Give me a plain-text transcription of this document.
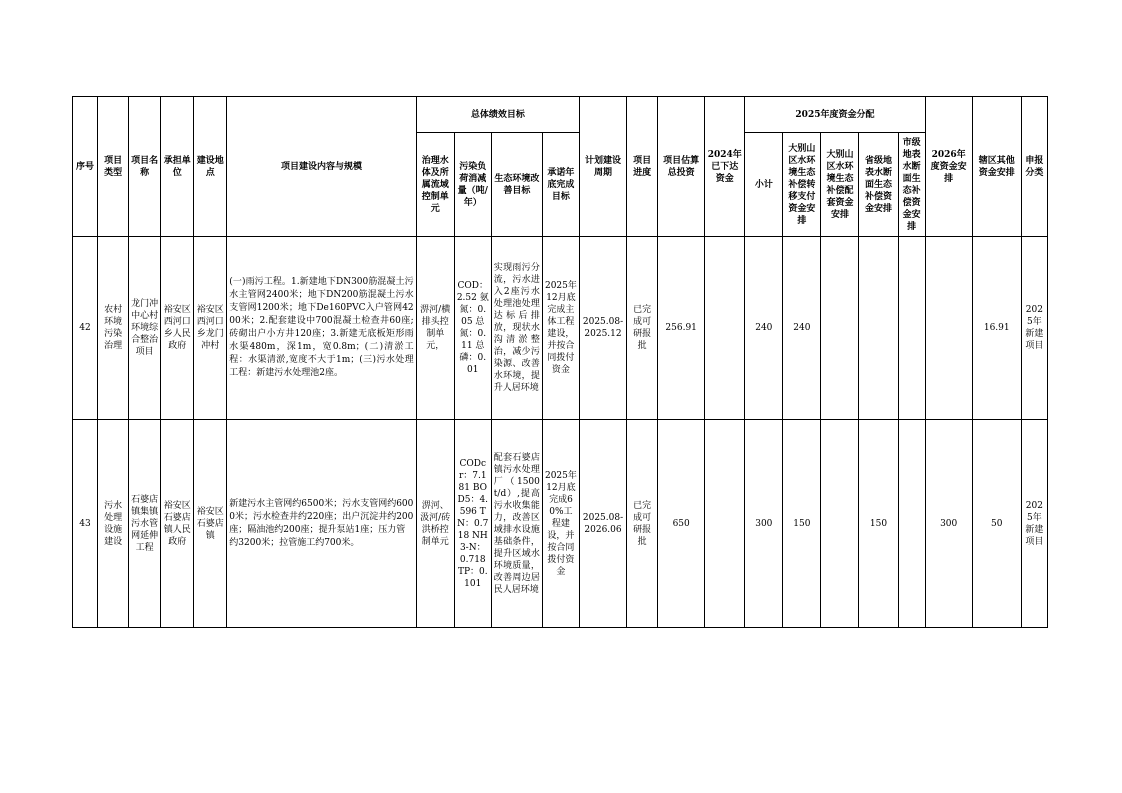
序号	项目类型	项目名称	承担单位	建设地点	项目建设内容与规模	总体绩效目标				计划建设周期	项目进度	项目估算总投资	2024年已下达资金	2025年度资金分配					2026年度资金安排	辖区其他资金安排	申报分类
						治理水体及所属流域控制单元	污染负荷消减量（吨/年）	生态环境改善目标	承诺年底完成目标					小计	大别山区水环境生态补偿转移支付资金安排	大别山区水环境生态补偿配套资金安排	省级地表水断面生态补偿资金安排	市级地表水断面生态补偿资金安排			
42	农村环境污染治理	龙门冲中心村环境综合整治项目	裕安区西河口乡人民政府	裕安区西河口乡龙门冲村	(一)雨污工程。1.新建地下DN300筋混凝土污水主管网2400米；地下DN200筋混凝土污水支管网1200米；地下De160PVC入户管网4200米；2.配套建设中700混凝土检查井60座;砖砌出户小方井120座；3.新建无底板矩形雨水渠480m，深1m，宽0.8m；(二)清淤工程：水渠清淤,宽度不大于1m；(三)污水处理工程：新建污水处理池2座。	淠河/横排头控制单元，	COD：2.52 氨氮：0.05 总氮：0.11 总磷：0.01	实现雨污分流，污水进入2座污水处理池处理达标后排放，现状水沟清淤整治，减少污染源、改善水环境，提升人居环境	2025年12月底完成主体工程建设，并按合同拨付资金	2025.08-2025.12	已完成可研报批	256.91		240	240					16.91	2025年新建项目
43	污水处理设施建设	石婆店镇集镇污水管网延伸工程	裕安区石婆店镇人民政府	裕安区石婆店镇	新建污水主管网约6500米；污水支管网约6000米；污水检查井约220座；出户沉淀井约200座；隔油池约200座；提升泵站1座；压力管约3200米；拉管施工约700米。	淠河、汲河/砖洪桥控制单元	CODcr：7.181 BOD5：4.596 TN：0.718 NH3-N：0.718 TP：0.101	配套石婆店镇污水处理厂（1500t/d）,提高污水收集能力，改善区域排水设施基础条件，提升区域水环境质量，改善周边居民人居环境	2025年12月底完成60%工程建设，并按合同拨付资金	2025.08-2026.06	已完成可研报批	650		300	150		150		300	50	2025年新建项目
